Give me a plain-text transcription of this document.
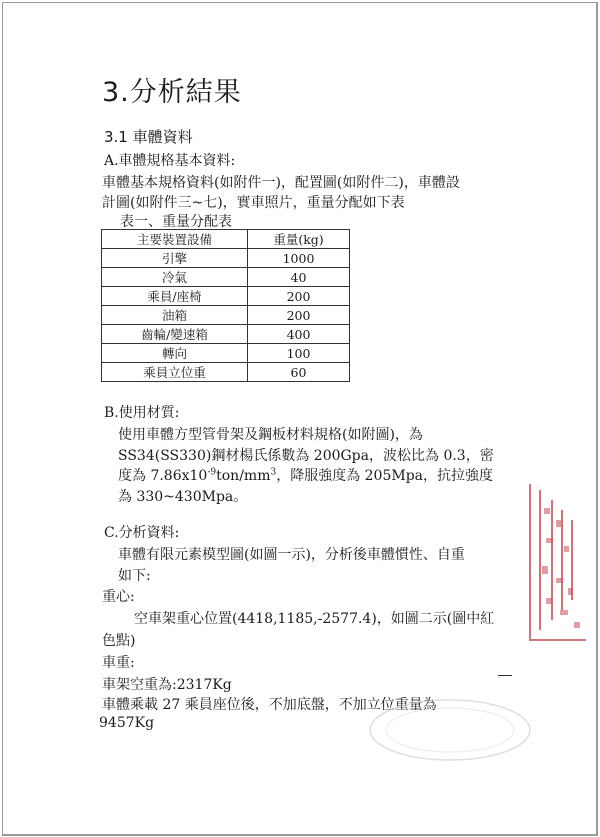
3.分析結果
3.1 車體資料
A.車體規格基本資料:
車體基本規格資料(如附件一)，配置圖(如附件二)，車體設
計圖(如附件三~七)，實車照片，重量分配如下表
表一、重量分配表
主要裝置設備	重量(kg)
引擎	1000
冷氣	40
乘員/座椅	200
油箱	200
齒輪/變速箱	400
轉向	100
乘員立位重	60
B.使用材質:
使用車體方型管骨架及鋼板材料規格(如附圖)，為
SS34(SS330)鋼材楊氏係數為 200Gpa，波松比為 0.3，密
度為 $7.86x10^{-9}ton/mm^3$，降服強度為 205Mpa，抗拉強度
為 330~430Mpa。
C.分析資料:
車體有限元素模型圖(如圖一示)，分析後車體慣性、自重
如下:
重心:
空車架重心位置(4418,1185,-2577.4)，如圖二示(圖中紅
色點)
車重:
車架空重為:2317Kg
車體乘載 27 乘員座位後，不加底盤，不加立位重量為
9457Kg
